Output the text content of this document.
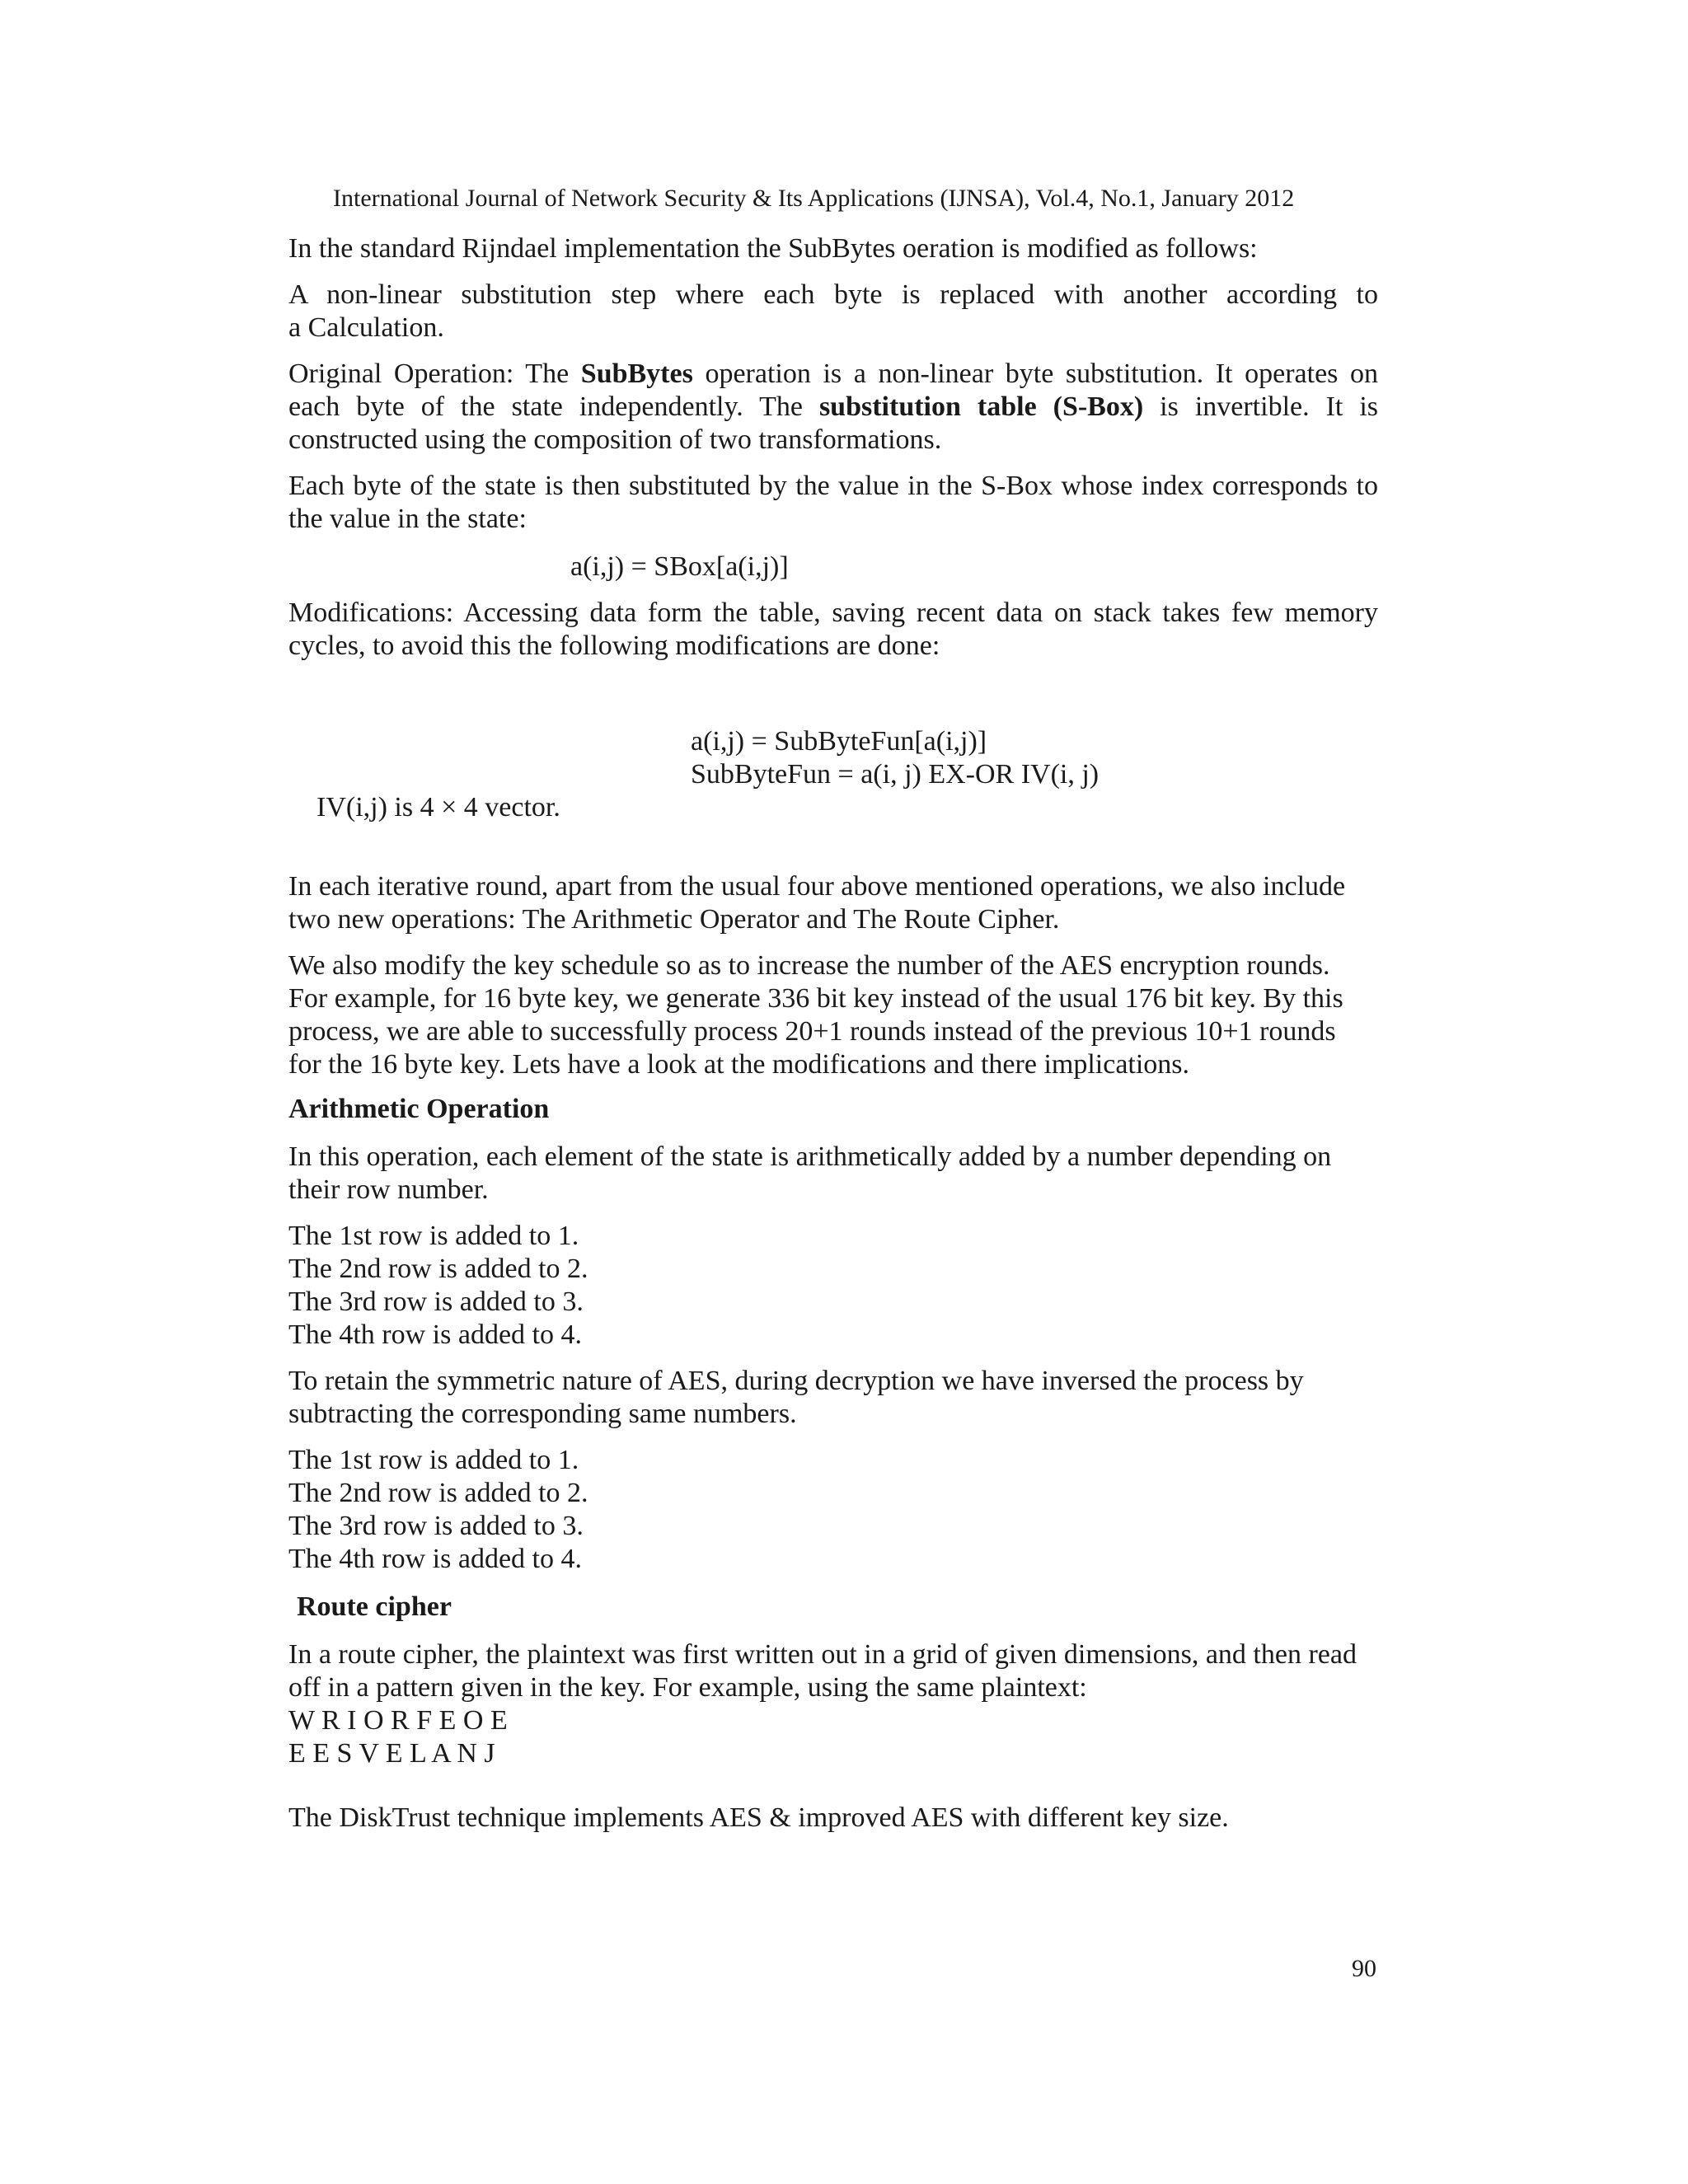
International Journal of Network Security & Its Applications (IJNSA), Vol.4, No.1, January 2012
In the standard Rijndael implementation the SubBytes oeration is modified as follows:
A non-linear substitution step where each byte is replaced with another according to
a Calculation.
Original Operation: The SubBytes operation is a non-linear byte substitution. It operates on
each byte of the state independently. The substitution table (S-Box) is invertible. It is
constructed using the composition of two transformations.
Each byte of the state is then substituted by the value in the S-Box whose index corresponds to
the value in the state:
a(i,j) = SBox[a(i,j)]
Modifications: Accessing data form the table, saving recent data on stack takes few memory
cycles, to avoid this the following modifications are done:
a(i,j) = SubByteFun[a(i,j)]
SubByteFun = a(i, j) EX-OR IV(i, j)
IV(i,j) is 4 × 4 vector.
In each iterative round, apart from the usual four above mentioned operations, we also include
two new operations: The Arithmetic Operator and The Route Cipher.
We also modify the key schedule so as to increase the number of the AES encryption rounds.
For example, for 16 byte key, we generate 336 bit key instead of the usual 176 bit key. By this
process, we are able to successfully process 20+1 rounds instead of the previous 10+1 rounds
for the 16 byte key. Lets have a look at the modifications and there implications.
Arithmetic Operation
In this operation, each element of the state is arithmetically added by a number depending on
their row number.
The 1st row is added to 1.
The 2nd row is added to 2.
The 3rd row is added to 3.
The 4th row is added to 4.
To retain the symmetric nature of AES, during decryption we have inversed the process by
subtracting the corresponding same numbers.
The 1st row is added to 1.
The 2nd row is added to 2.
The 3rd row is added to 3.
The 4th row is added to 4.
Route cipher
In a route cipher, the plaintext was first written out in a grid of given dimensions, and then read
off in a pattern given in the key. For example, using the same plaintext:
W R I O R F E O E
E E S V E L A N J
The DiskTrust technique implements AES & improved AES with different key size.
90
